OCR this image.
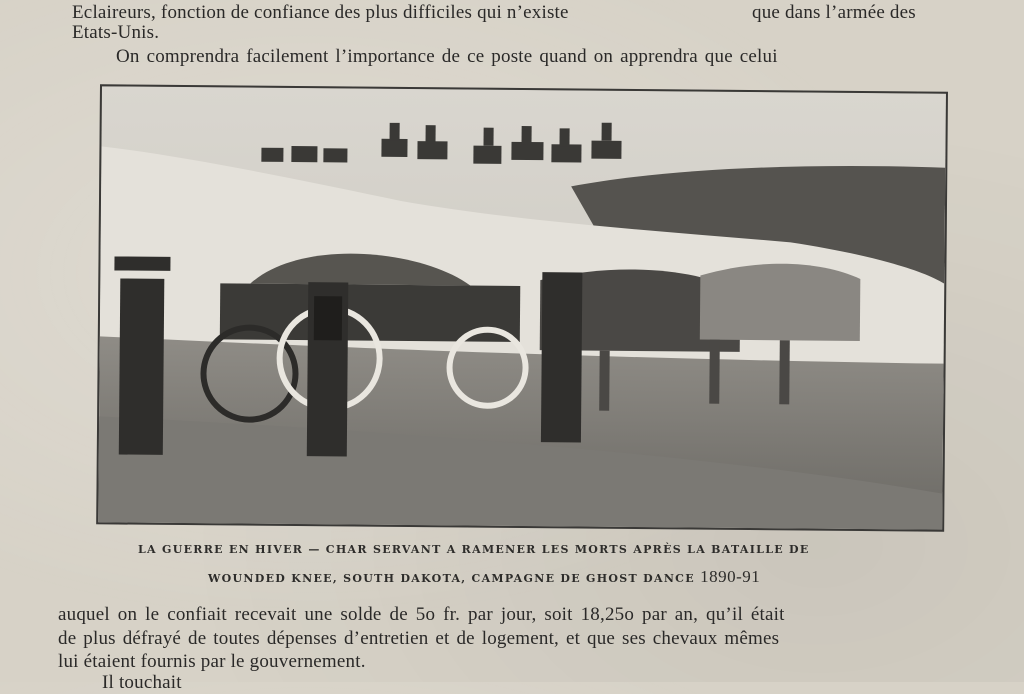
Eclaireurs, fonction de confiance des plus difficiles qui n’existe	que dans l’armée des
Etats-Unis.
On comprendra facilement l’importance de ce poste quand on apprendra que celui
LA GUERRE EN HIVER — CHAR SERVANT A RAMENER LES MORTS APRÈS LA BATAILLE DE
WOUNDED KNEE, SOUTH DAKOTA, CAMPAGNE DE GHOST DANCE 1890-91
auquel on le confiait recevait une solde de 5o fr. par jour, soit 18,25o par an, qu’il était
de plus défrayé de toutes dépenses d’entretien et de logement, et que ses chevaux mêmes
lui étaient fournis par le gouvernement.
Il touchait
